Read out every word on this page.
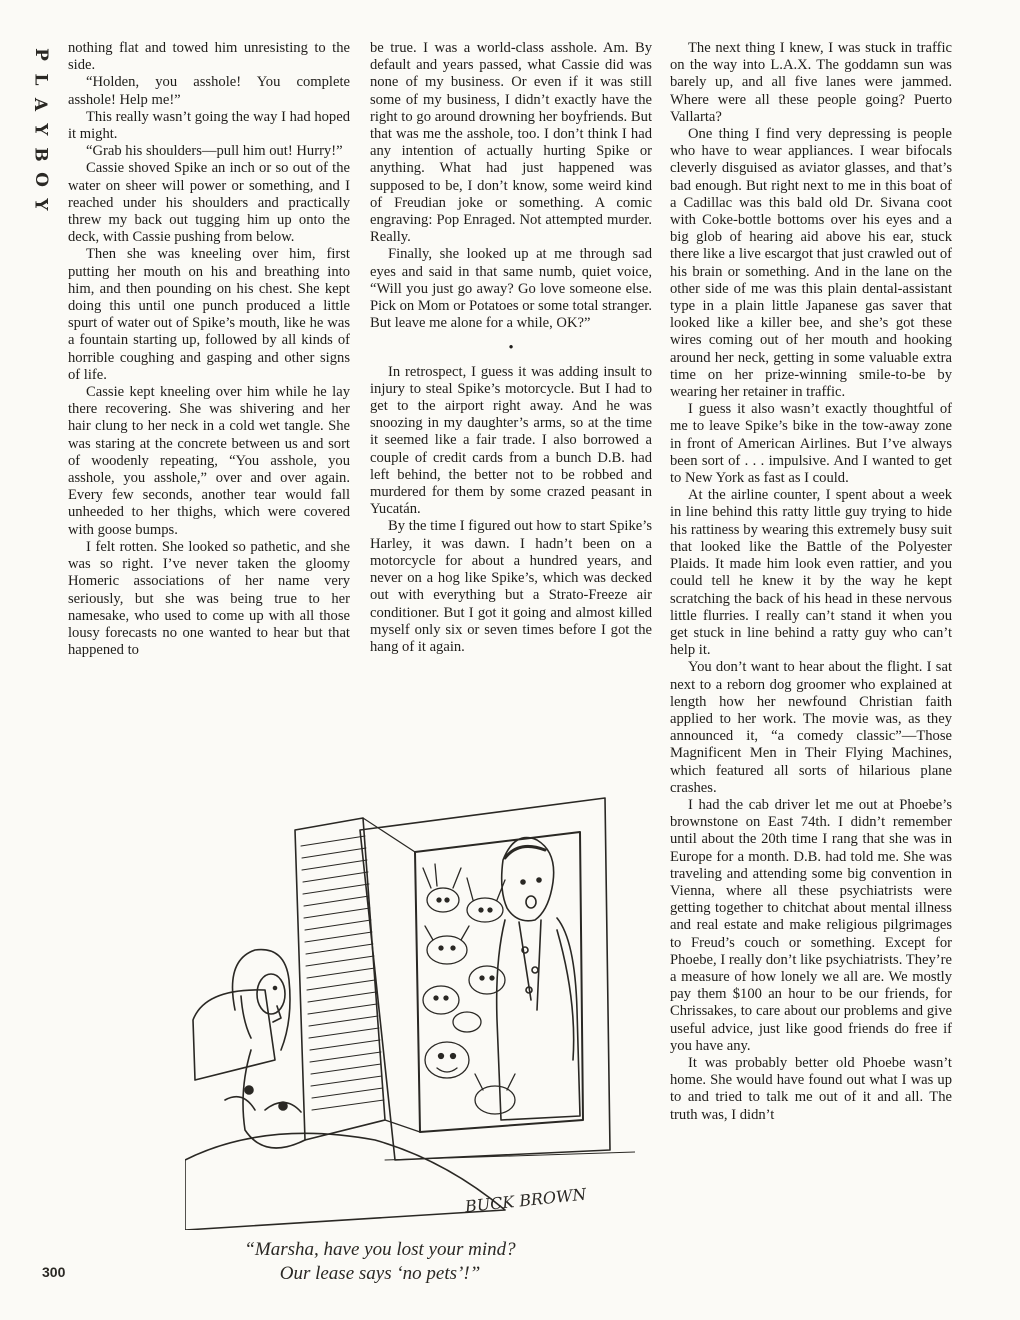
P
L
A
Y
B
O
Y

nothing flat and towed him unresisting to the side.

“Holden, you asshole! You complete asshole! Help me!”

This really wasn’t going the way I had hoped it might.

“Grab his shoulders—pull him out! Hurry!”

Cassie shoved Spike an inch or so out of the water on sheer will power or something, and I reached under his shoulders and practically threw my back out tugging him up onto the deck, with Cassie pushing from below.

Then she was kneeling over him, first putting her mouth on his and breathing into him, and then pounding on his chest. She kept doing this until one punch produced a little spurt of water out of Spike’s mouth, like he was a fountain starting up, followed by all kinds of horrible coughing and gasping and other signs of life.

Cassie kept kneeling over him while he lay there recovering. She was shivering and her hair clung to her neck in a cold wet tangle. She was staring at the concrete between us and sort of woodenly repeating, “You asshole, you asshole, you asshole,” over and over again. Every few seconds, another tear would fall unheeded to her thighs, which were covered with goose bumps.

I felt rotten. She looked so pathetic, and she was so right. I’ve never taken the gloomy Homeric associations of her name very seriously, but she was being true to her namesake, who used to come up with all those lousy forecasts no one wanted to hear but that happened to

be true. I was a world-class asshole. Am. By default and years passed, what Cassie did was none of my business. Or even if it was still some of my business, I didn’t exactly have the right to go around drowning her boyfriends. But that was me the asshole, too. I don’t think I had any intention of actually hurting Spike or anything. What had just happened was supposed to be, I don’t know, some weird kind of Freudian joke or something. A comic engraving: Pop Enraged. Not attempted murder. Really.

Finally, she looked up at me through sad eyes and said in that same numb, quiet voice, “Will you just go away? Go love someone else. Pick on Mom or Potatoes or some total stranger. But leave me alone for a while, OK?”

•

In retrospect, I guess it was adding insult to injury to steal Spike’s motorcycle. But I had to get to the airport right away. And he was snoozing in my daughter’s arms, so at the time it seemed like a fair trade. I also borrowed a couple of credit cards from a bunch D.B. had left behind, the better not to be robbed and murdered for them by some crazed peasant in Yucatán.

By the time I figured out how to start Spike’s Harley, it was dawn. I hadn’t been on a motorcycle for about a hundred years, and never on a hog like Spike’s, which was decked out with everything but a Strato-Freeze air conditioner. But I got it going and almost killed myself only six or seven times before I got the hang of it again.

The next thing I knew, I was stuck in traffic on the way into L.A.X. The goddamn sun was barely up, and all five lanes were jammed. Where were all these people going? Puerto Vallarta?

One thing I find very depressing is people who have to wear appliances. I wear bifocals cleverly disguised as aviator glasses, and that’s bad enough. But right next to me in this boat of a Cadillac was this bald old Dr. Sivana coot with Coke-bottle bottoms over his eyes and a big glob of hearing aid above his ear, stuck there like a live escargot that just crawled out of his brain or something. And in the lane on the other side of me was this plain dental-assistant type in a plain little Japanese gas saver that looked like a killer bee, and she’s got these wires coming out of her mouth and hooking around her neck, getting in some valuable extra time on her prize-winning smile-to-be by wearing her retainer in traffic.

I guess it also wasn’t exactly thoughtful of me to leave Spike’s bike in the tow-away zone in front of American Airlines. But I’ve always been sort of . . . impulsive. And I wanted to get to New York as fast as I could.

At the airline counter, I spent about a week in line behind this ratty little guy trying to hide his rattiness by wearing this extremely busy suit that looked like the Battle of the Polyester Plaids. It made him look even rattier, and you could tell he knew it by the way he kept scratching the back of his head in these nervous little flurries. I really can’t stand it when you get stuck in line behind a ratty guy who can’t help it.

You don’t want to hear about the flight. I sat next to a reborn dog groomer who explained at length how her newfound Christian faith applied to her work. The movie was, as they announced it, “a comedy classic”—Those Magnificent Men in Their Flying Machines, which featured all sorts of hilarious plane crashes.

I had the cab driver let me out at Phoebe’s brownstone on East 74th. I didn’t remember until about the 20th time I rang that she was in Europe for a month. D.B. had told me. She was traveling and attending some big convention in Vienna, where all these psychiatrists were getting together to chitchat about mental illness and real estate and make religious pilgrimages to Freud’s couch or something. Except for Phoebe, I really don’t like psychiatrists. They’re a measure of how lonely we all are. We mostly pay them $100 an hour to be our friends, for Chrissakes, to care about our problems and give useful advice, just like good friends do free if you have any.

It was probably better old Phoebe wasn’t home. She would have found out what I was up to and tried to talk me out of it and all. The truth was, I didn’t

BUCK BROWN
“Marsha, have you lost your mind?
Our lease says ‘no pets’!”
300
